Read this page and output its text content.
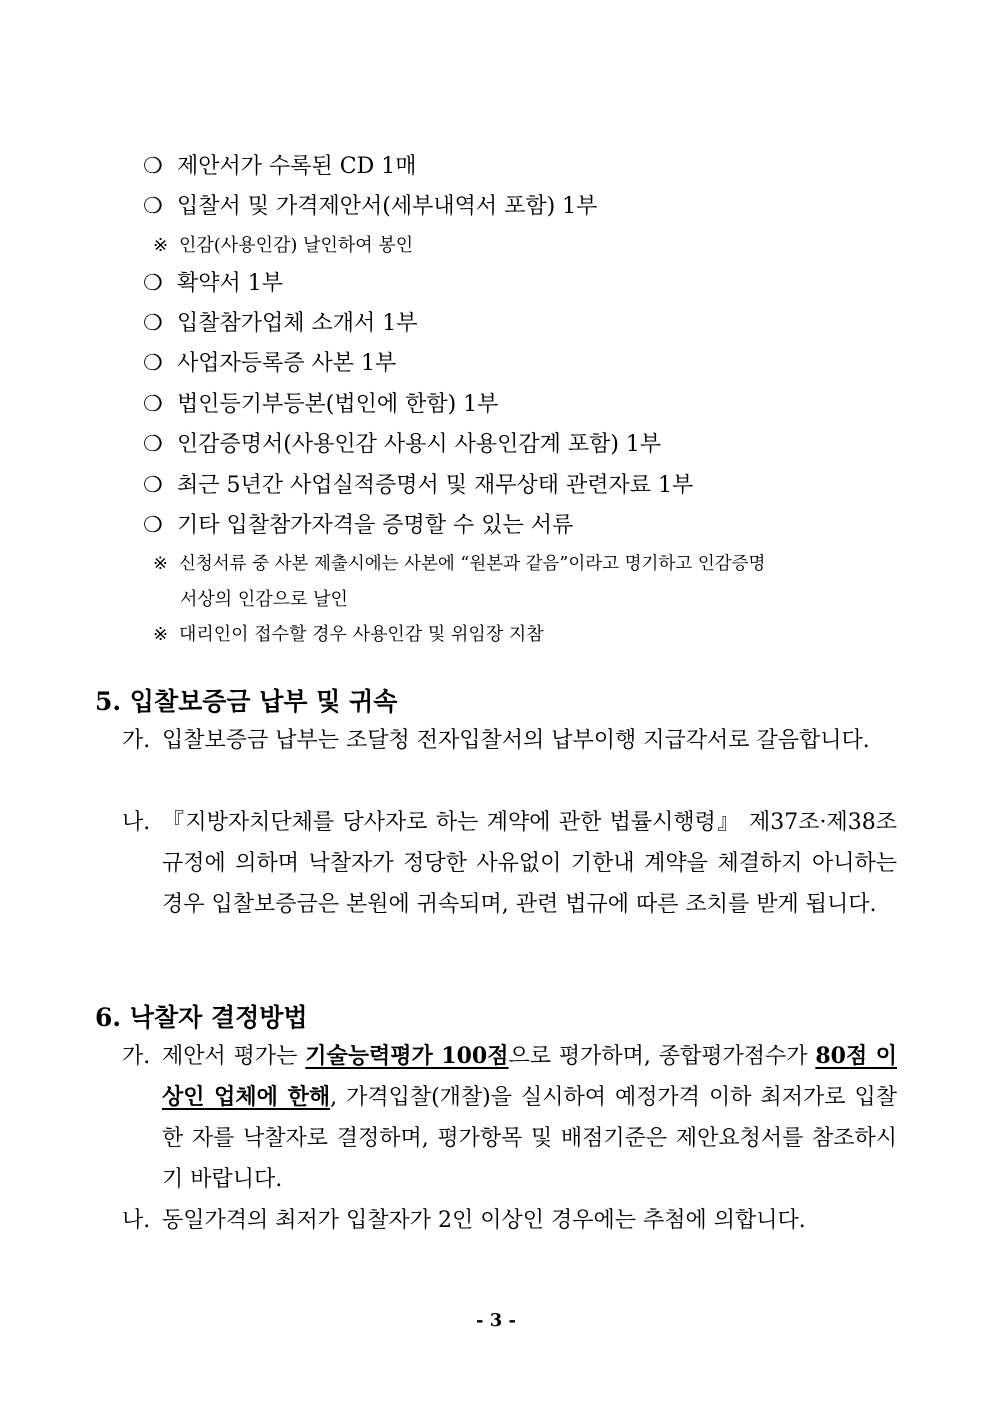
❍ 제안서가 수록된 CD 1매
❍ 입찰서 및 가격제안서(세부내역서 포함) 1부
※ 인감(사용인감) 날인하여 봉인
❍ 확약서 1부
❍ 입찰참가업체 소개서 1부
❍ 사업자등록증 사본 1부
❍ 법인등기부등본(법인에 한함) 1부
❍ 인감증명서(사용인감 사용시 사용인감계 포함) 1부
❍ 최근 5년간 사업실적증명서 및 재무상태 관련자료 1부
❍ 기타 입찰참가자격을 증명할 수 있는 서류
※ 신청서류 중 사본 제출시에는 사본에 “원본과 같음”이라고 명기하고 인감증명
서상의 인감으로 날인
※ 대리인이 접수할 경우 사용인감 및 위임장 지참
5. 입찰보증금 납부 및 귀속
가. 입찰보증금 납부는 조달청 전자입찰서의 납부이행 지급각서로 갈음합니다.
나. 『지방자치단체를 당사자로 하는 계약에 관한 법률시행령』 제37조·제38조 규정에 의하며 낙찰자가 정당한 사유없이 기한내 계약을 체결하지 아니하는 경우 입찰보증금은 본원에 귀속되며, 관련 법규에 따른 조치를 받게 됩니다.
6. 낙찰자 결정방법
가. 제안서 평가는 기술능력평가 100점으로 평가하며, 종합평가점수가 80점 이상인 업체에 한해, 가격입찰(개찰)을 실시하여 예정가격 이하 최저가로 입찰한 자를 낙찰자로 결정하며, 평가항목 및 배점기준은 제안요청서를 참조하시기 바랍니다.
나. 동일가격의 최저가 입찰자가 2인 이상인 경우에는 추첨에 의합니다.
- 3 -
